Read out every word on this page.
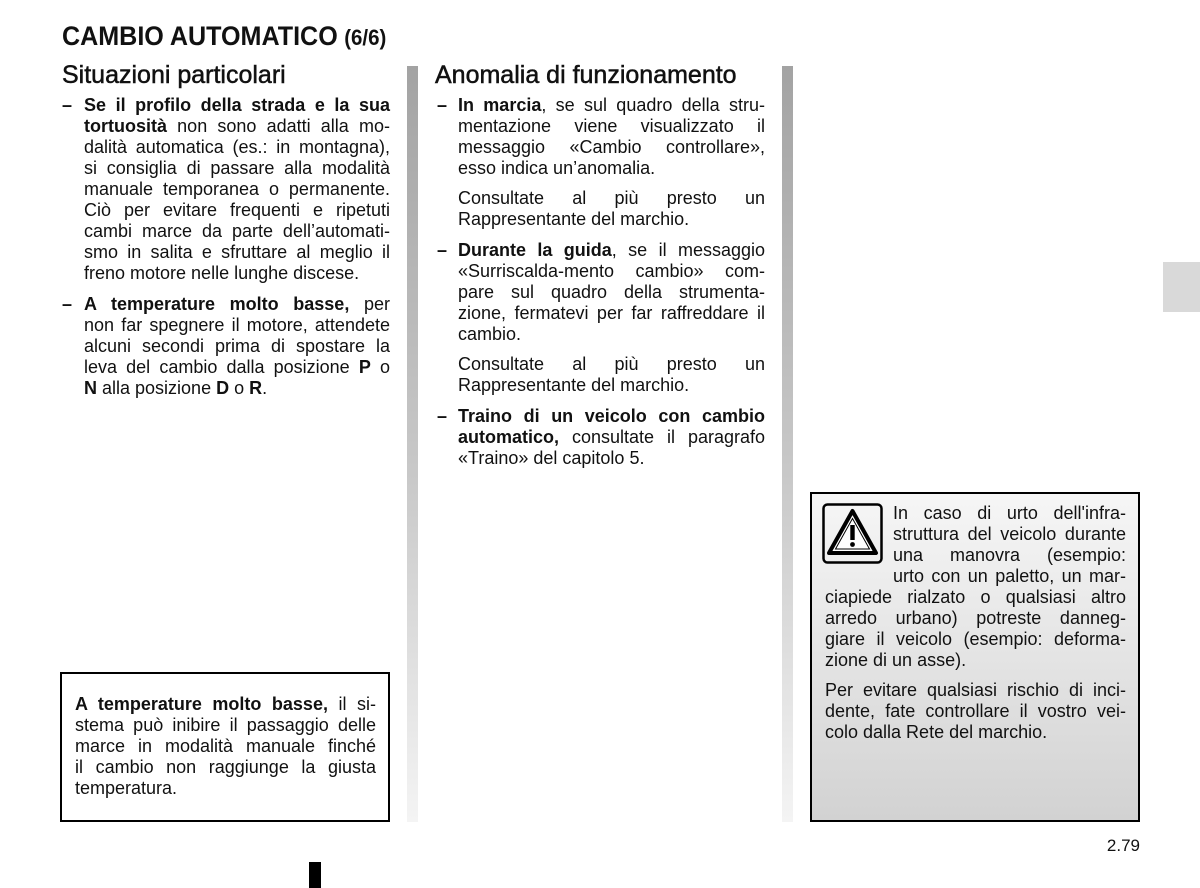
CAMBIO AUTOMATICO (6/6)
Situazioni particolari
– Se il profilo della strada e la sua
tortuosità non sono adatti alla mo-
dalità automatica (es.: in montagna),
si consiglia di passare alla modalità
manuale temporanea o permanente.
Ciò per evitare frequenti e ripetuti
cambi marce da parte dell’automati-
smo in salita e sfruttare al meglio il
freno motore nelle lunghe discese.
– A temperature molto basse, per
non far spegnere il motore, attendete
alcuni secondi prima di spostare la
leva del cambio dalla posizione P o
N alla posizione D o R.
A temperature molto basse, il si-
stema può inibire il passaggio delle
marce in modalità manuale finché
il cambio non raggiunge la giusta
temperatura.
Anomalia di funzionamento
– In marcia, se sul quadro della stru-
mentazione viene visualizzato il
messaggio «Cambio controllare»,
esso indica un’anomalia.
Consultate al più presto un
Rappresentante del marchio.
– Durante la guida, se il messaggio
«Surriscalda-mento cambio» com-
pare sul quadro della strumenta-
zione, fermatevi per far raffreddare il
cambio.
Consultate al più presto un
Rappresentante del marchio.
– Traino di un veicolo con cambio
automatico, consultate il paragrafo
«Traino» del capitolo 5.
In caso di urto dell'infra-
struttura del veicolo durante
una manovra (esempio:
urto con un paletto, un mar-
ciapiede rialzato o qualsiasi altro
arredo urbano) potreste danneg-
giare il veicolo (esempio: deforma-
zione di un asse).
Per evitare qualsiasi rischio di inci-
dente, fate controllare il vostro vei-
colo dalla Rete del marchio.
2.79
